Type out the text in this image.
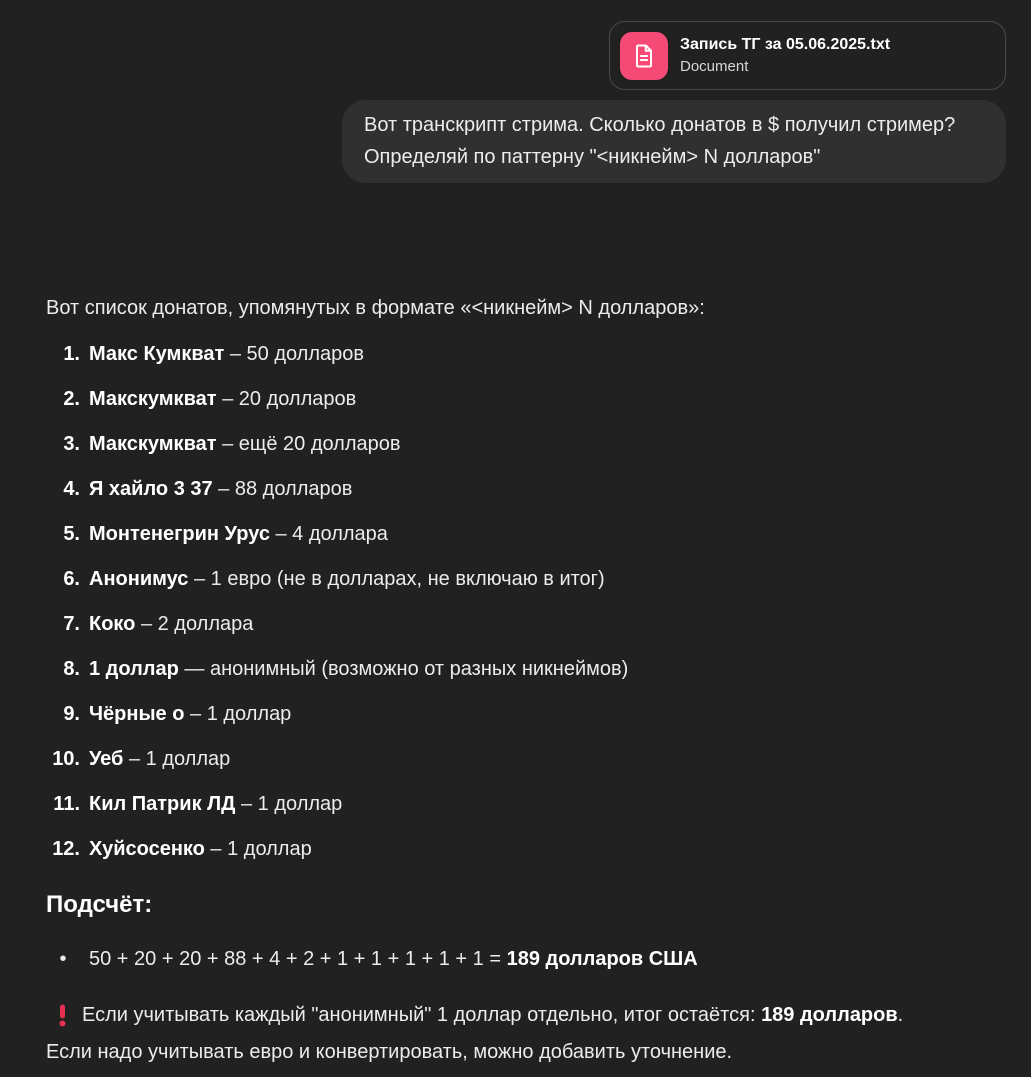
Запись ТГ за 05.06.2025.txt
Document
Вот транскрипт стрима. Сколько донатов в $ получил стример?
Определяй по паттерну "<никнейм> N долларов"

Вот список донатов, упомянутых в формате «<никнейм> N долларов»:

1. Макс Кумкват – 50 долларов
2. Макскумкват – 20 долларов
3. Макскумкват – ещё 20 долларов
4. Я хайло 3 37 – 88 долларов
5. Монтенегрин Урус – 4 доллара
6. Анонимус – 1 евро (не в долларах, не включаю в итог)
7. Коко – 2 доллара
8. 1 доллар — анонимный (возможно от разных никнеймов)
9. Чёрные о – 1 доллар
10. Уеб – 1 доллар
11. Кил Патрик ЛД – 1 доллар
12. Хуйсосенко – 1 доллар
Подсчёт:
•	50 + 20 + 20 + 88 + 4 + 2 + 1 + 1 + 1 + 1 + 1 = 189 долларов США

Если учитывать каждый "анонимный" 1 доллар отдельно, итог остаётся: 189 долларов.

Если надо учитывать евро и конвертировать, можно добавить уточнение.
